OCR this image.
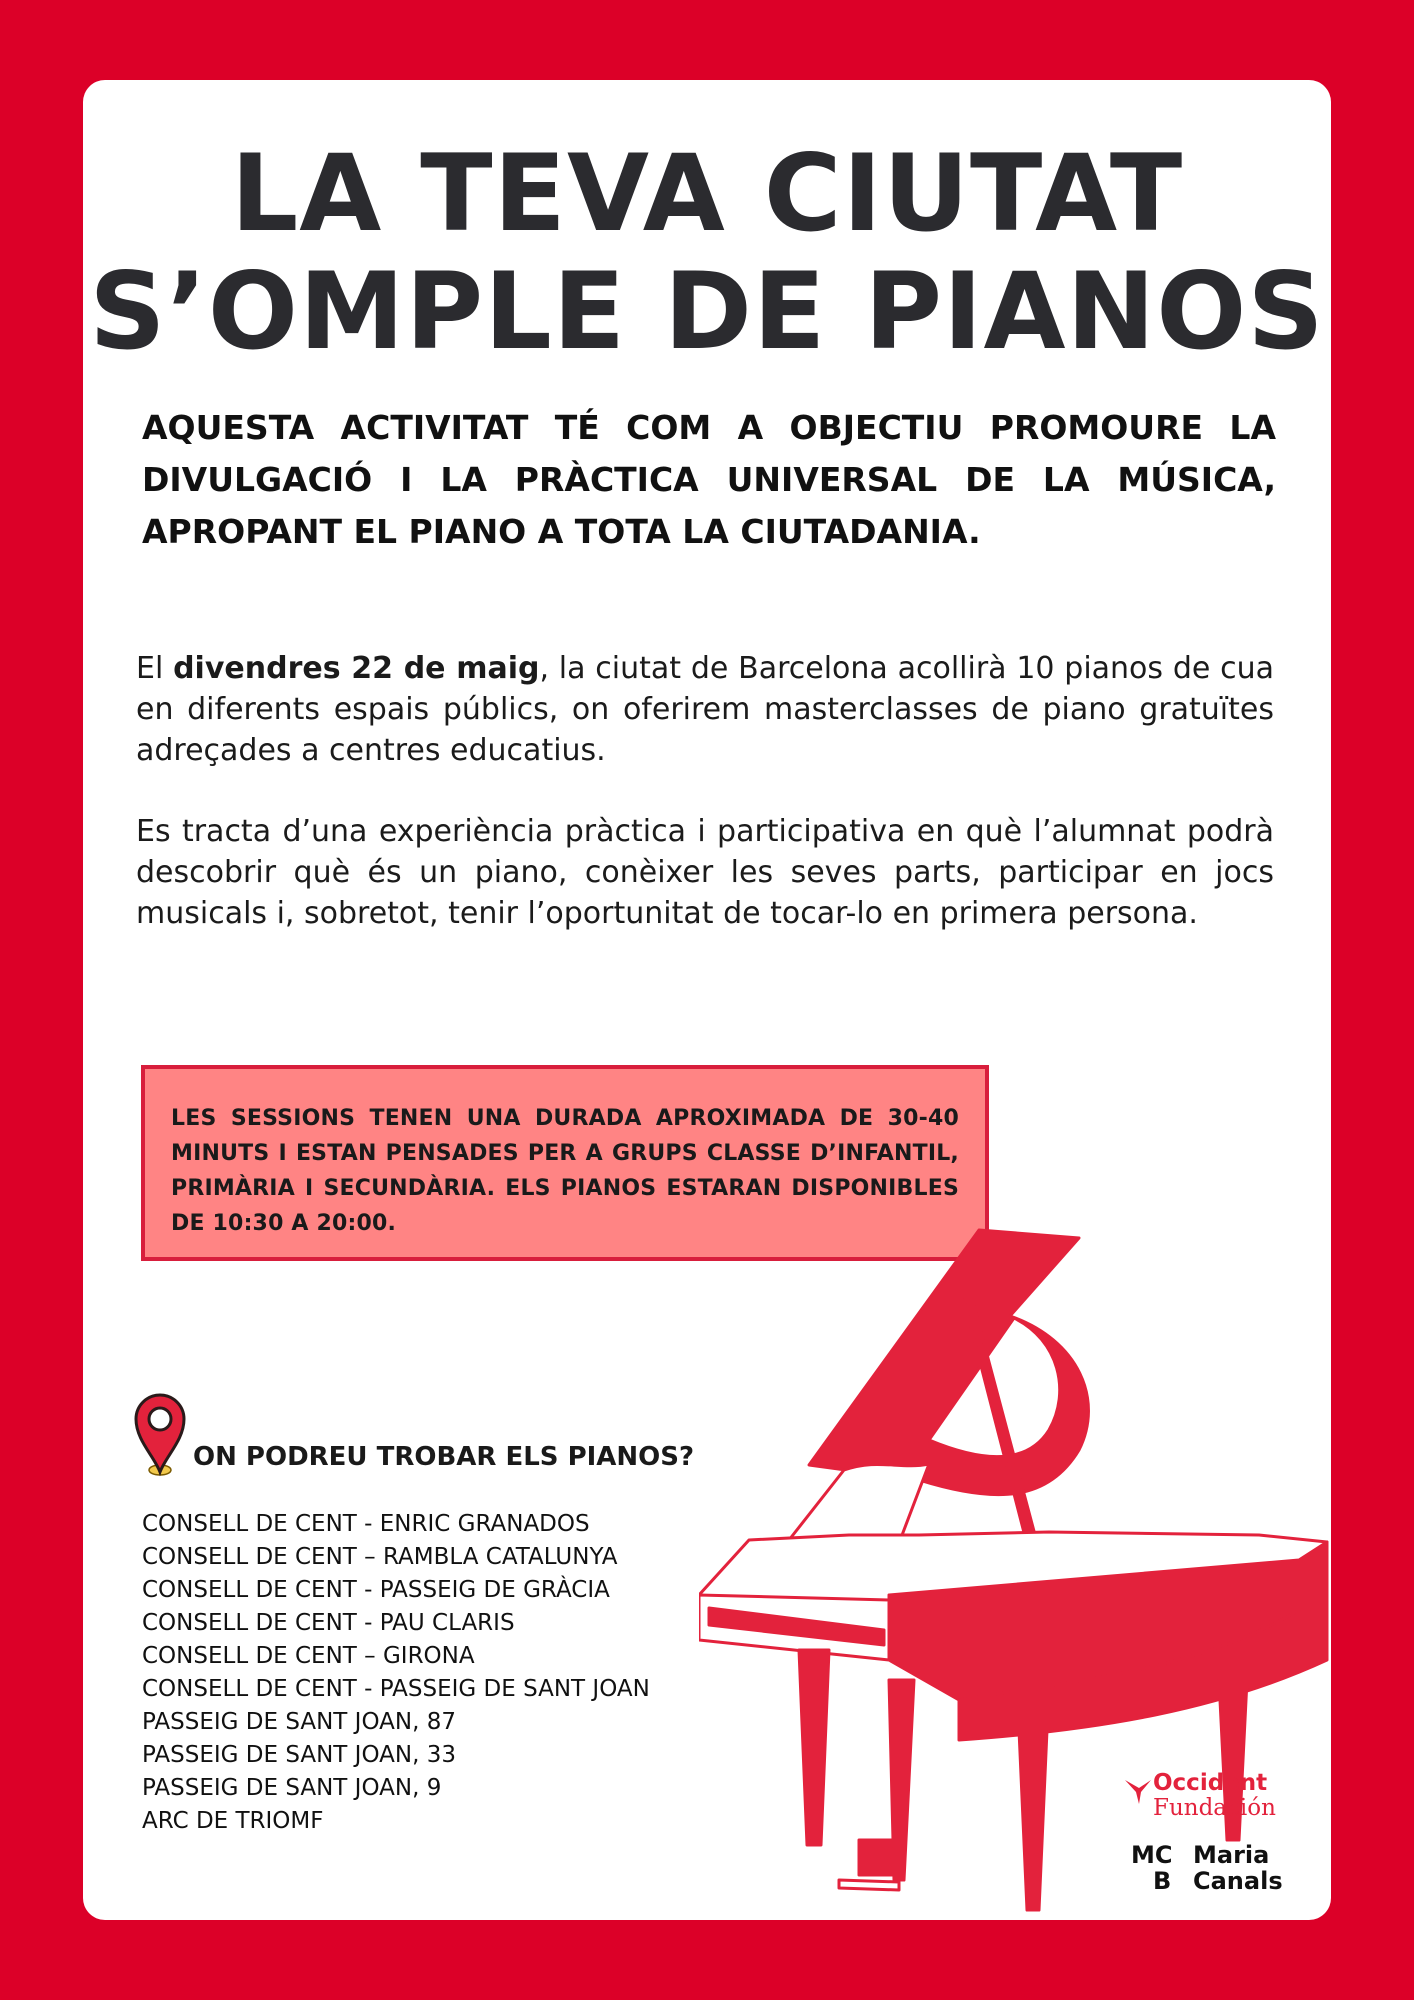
LA TEVA CIUTAT
S’OMPLE DE PIANOS
AQUESTA ACTIVITAT TÉ COM A OBJECTIU PROMOURE LA DIVULGACIÓ I LA PRÀCTICA UNIVERSAL DE LA MÚSICA, APROPANT EL PIANO A TOTA LA CIUTADANIA.
El divendres 22 de maig, la ciutat de Barcelona acollirà 10 pianos de cua en diferents espais públics, on oferirem masterclasses de piano gratuïtes adreçades a centres educatius.
Es tracta d’una experiència pràctica i participativa en què l’alumnat podrà descobrir què és un piano, conèixer les seves parts, participar en jocs musicals i, sobretot, tenir l’oportunitat de tocar-lo en primera persona.

LES SESSIONS TENEN UNA DURADA APROXIMADA DE 30-40 MINUTS I ESTAN PENSADES PER A GRUPS CLASSE D’INFANTIL, PRIMÀRIA I SECUNDÀRIA. ELS PIANOS ESTARAN DISPONIBLES DE 10:30 A 20:00.

ON PODREU TROBAR ELS PIANOS?
CONSELL DE CENT - ENRIC GRANADOS
CONSELL DE CENT – RAMBLA CATALUNYA
CONSELL DE CENT - PASSEIG DE GRÀCIA
CONSELL DE CENT - PAU CLARIS
CONSELL DE CENT – GIRONA
CONSELL DE CENT - PASSEIG DE SANT JOAN
PASSEIG DE SANT JOAN, 87
PASSEIG DE SANT JOAN, 33
PASSEIG DE SANT JOAN, 9
ARC DE TRIOMF
Occident
Fundación
MC
B
Maria
Canals
